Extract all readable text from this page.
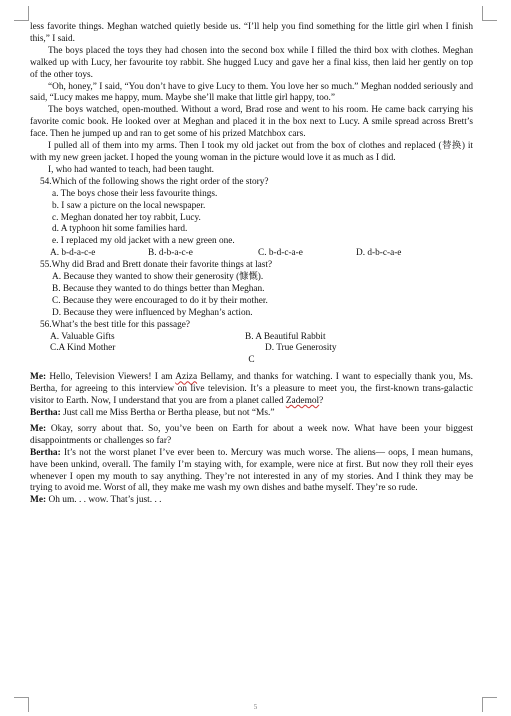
less favorite things. Meghan watched quietly beside us. “I’ll help you find something for the little girl when I finish this,” I said.

The boys placed the toys they had chosen into the second box while I filled the third box with clothes. Meghan walked up with Lucy, her favourite toy rabbit. She hugged Lucy and gave her a final kiss, then laid her gently on top of the other toys.

“Oh, honey,” I said, “You don’t have to give Lucy to them. You love her so much.” Meghan nodded seriously and said, “Lucy makes me happy, mum. Maybe she’ll make that little girl happy, too.”

The boys watched, open-mouthed. Without a word, Brad rose and went to his room. He came back carrying his favorite comic book. He looked over at Meghan and placed it in the box next to Lucy. A smile spread across Brett’s face. Then he jumped up and ran to get some of his prized Matchbox cars.

I pulled all of them into my arms. Then I took my old jacket out from the box of clothes and replaced (替换) it with my new green jacket. I hoped the young woman in the picture would love it as much as I did.

I, who had wanted to teach, had been taught.

54.Which of the following shows the right order of the story?

a. The boys chose their less favourite things.

b. I saw a picture on the local newspaper.

c. Meghan donated her toy rabbit, Lucy.

d. A typhoon hit some families hard.

e. I replaced my old jacket with a new green one.

A. b-d-a-c-e	B. d-b-a-c-e	C. b-d-c-a-e	D. d-b-c-a-e

55.Why did Brad and Brett donate their favorite things at last?

A. Because they wanted to show their generosity (慷慨).

B. Because they wanted to do things better than Meghan.

C. Because they were encouraged to do it by their mother.

D. Because they were influenced by Meghan’s action.

56.What’s the best title for this passage?

A. Valuable Gifts	B. A Beautiful Rabbit
C.A Kind Mother	D. True Generosity

C

Me: Hello, Television Viewers! I am Aziza Bellamy, and thanks for watching. I want to especially thank you, Ms. Bertha, for agreeing to this interview on live television. It’s a pleasure to meet you, the first-known trans-galactic visitor to Earth. Now, I understand that you are from a planet called Zademol?

Bertha: Just call me Miss Bertha or Bertha please, but not “Ms.”

Me: Okay, sorry about that. So, you’ve been on Earth for about a week now. What have been your biggest disappointments or challenges so far?

Bertha: It’s not the worst planet I’ve ever been to. Mercury was much worse. The aliens— oops, I mean humans, have been unkind, overall. The family I’m staying with, for example, were nice at first. But now they roll their eyes whenever I open my mouth to say anything. They’re not interested in any of my stories. And I think they may be trying to avoid me. Worst of all, they make me wash my own dishes and bathe myself. They’re so rude.

Me: Oh um. . . wow. That’s just. . .

5
